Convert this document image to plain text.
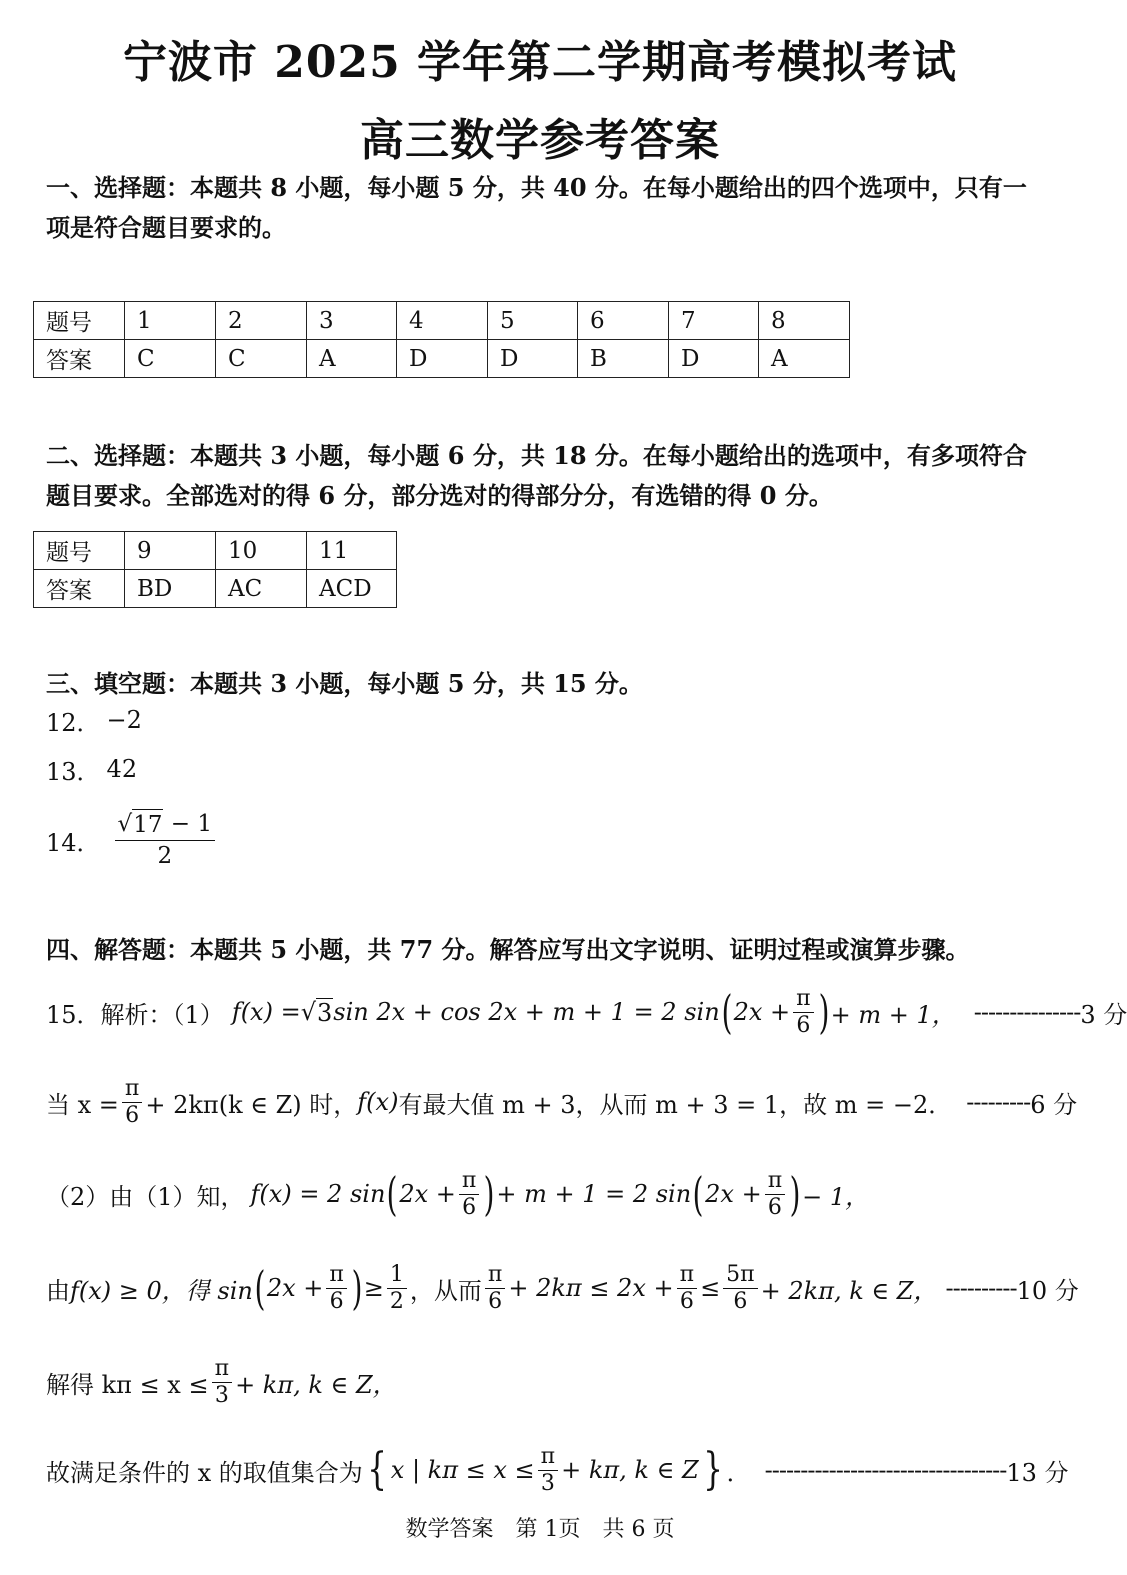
宁波市 2025 学年第二学期高考模拟考试
高三数学参考答案
一、选择题：本题共 8 小题，每小题 5 分，共 40 分。在每小题给出的四个选项中，只有一项是符合题目要求的。
题号	1	2	3	4	5	6	7	8
答案	C	C	A	D	D	B	D	A
二、选择题：本题共 3 小题，每小题 6 分，共 18 分。在每小题给出的选项中，有多项符合题目要求。全部选对的得 6 分，部分选对的得部分分，有选错的得 0 分。
题号	9	10	11
答案	BD	AC	ACD
三、填空题：本题共 3 小题，每小题 5 分，共 15 分。
12． −2
13． 42
14． $\frac{√ 17 - 1}{2}$
四、解答题：本题共 5 小题，共 77 分。解答应写出文字说明、证明过程或演算步骤。
15．解析：（1） f(x) = √ 3 sin 2x + cos 2x + m + 1 = 2 sin ( $2x + \frac{\pi}{6}$ ) + m + 1， --------------- 3 分
当 $x = \frac{\pi}{6} + 2k\pi(k$ ∈ Z) 时， f(x) 有最大值 m + 3，从而 m + 3 = 1，故 m = −2． --------- 6 分
（2）由（1）知， f(x) = 2 sin ( $2x + \frac{\pi}{6}$ ) + m + 1 = 2 sin ( $2x + \frac{\pi}{6}$ ) − 1，
由 f(x) ≥ 0，得 sin ( $2x + \frac{\pi}{6}$ ) ≥ $\frac{1}{2}$ ，从而 $\frac{\pi}{6} + 2k\pi \le 2x + \frac{\pi}{6} \le \frac{5\pi}{6} + 2k\pi$, k ∈ Z， ---------- 10 分
解得 $k\pi \le x \le \frac{\pi}{3} + k\pi$, k ∈ Z，
故满足条件的 x 的取值集合为 { x | $k\pi \le x \le \frac{\pi}{3} + k\pi$, k ∈ Z } ． ---------------------------------- 13 分
数学答案　第 1页　共 6 页
